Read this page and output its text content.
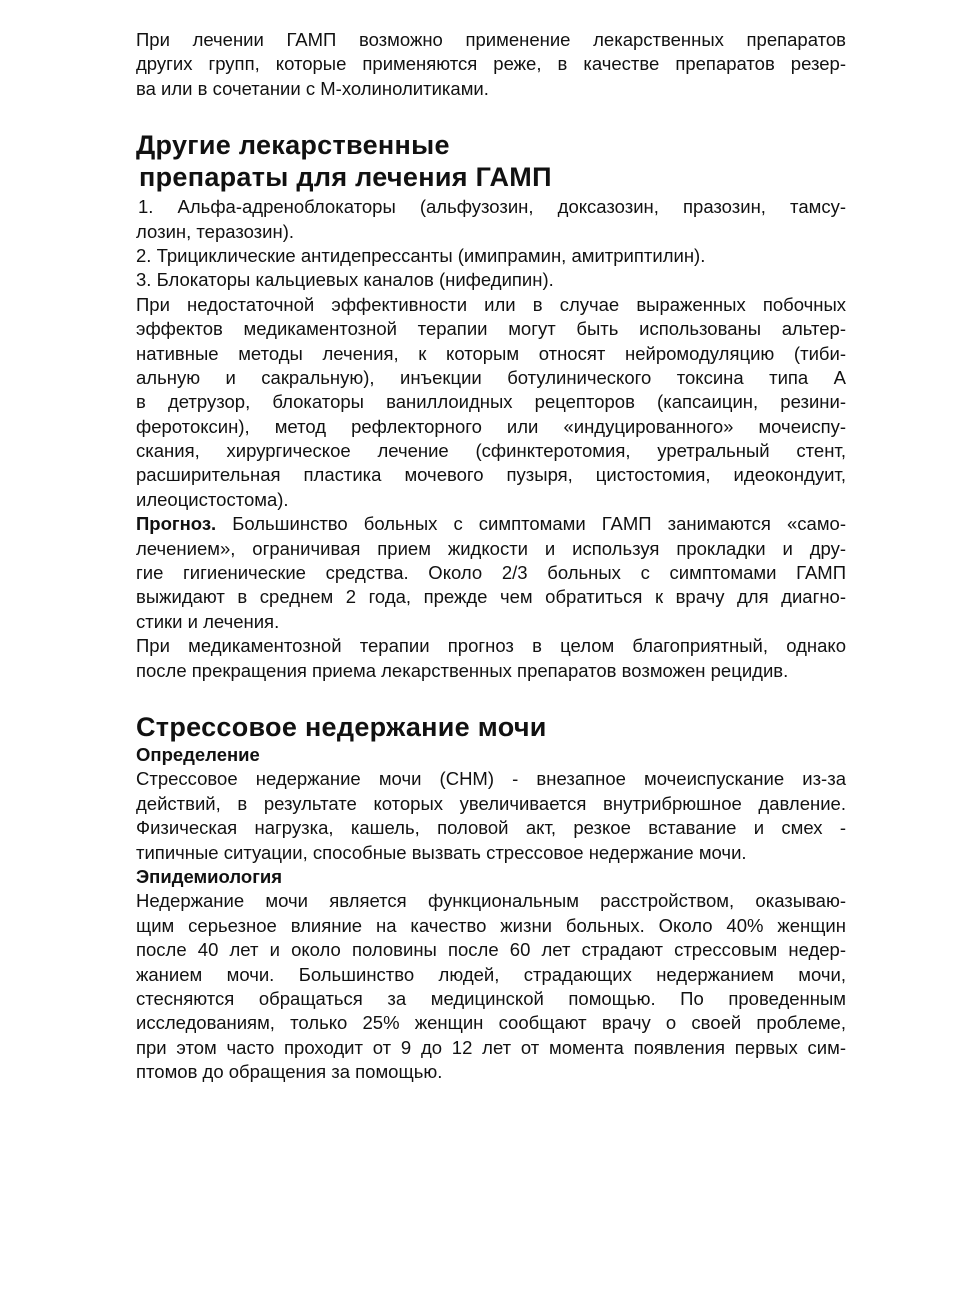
При лечении ГАМП возможно применение лекарственных препаратов
других групп, которые применяются реже, в качестве препаратов резер-
ва или в сочетании с М-холинолитиками.
Другие лекарственные
препараты для лечения ГАМП
1. Альфа-адреноблокаторы (альфузозин, доксазозин, празозин, тамсу-
лозин, теразозин).
2. Трициклические антидепрессанты (имипрамин, амитриптилин).
3. Блокаторы кальциевых каналов (нифедипин).
При недостаточной эффективности или в случае выраженных побочных
эффектов медикаментозной терапии могут быть использованы альтер-
нативные методы лечения, к которым относят нейромодуляцию (тиби-
альную и сакральную), инъекции ботулинического токсина типа А
в детрузор, блокаторы ваниллоидных рецепторов (капсаицин, резини-
феротоксин), метод рефлекторного или «индуцированного» мочеиспу-
скания, хирургическое лечение (сфинктеротомия, уретральный стент,
расширительная пластика мочевого пузыря, цистостомия, идеокондуит,
илеоцистостома).
Прогноз. Большинство больных с симптомами ГАМП занимаются «само-
лечением», ограничивая прием жидкости и используя прокладки и дру-
гие гигиенические средства. Около 2/3 больных с симптомами ГАМП
выжидают в среднем 2 года, прежде чем обратиться к врачу для диагно-
стики и лечения.
При медикаментозной терапии прогноз в целом благоприятный, однако
после прекращения приема лекарственных препаратов возможен рецидив.
Стрессовое недержание мочи
Определение
Стрессовое недержание мочи (СНМ) - внезапное мочеиспускание из-за
действий, в результате которых увеличивается внутрибрюшное давление.
Физическая нагрузка, кашель, половой акт, резкое вставание и смех -
типичные ситуации, способные вызвать стрессовое недержание мочи.
Эпидемиология
Недержание мочи является функциональным расстройством, оказываю-
щим серьезное влияние на качество жизни больных. Около 40% женщин
после 40 лет и около половины после 60 лет страдают стрессовым недер-
жанием мочи. Большинство людей, страдающих недержанием мочи,
стесняются обращаться за медицинской помощью. По проведенным
исследованиям, только 25% женщин сообщают врачу о своей проблеме,
при этом часто проходит от 9 до 12 лет от момента появления первых сим-
птомов до обращения за помощью.
